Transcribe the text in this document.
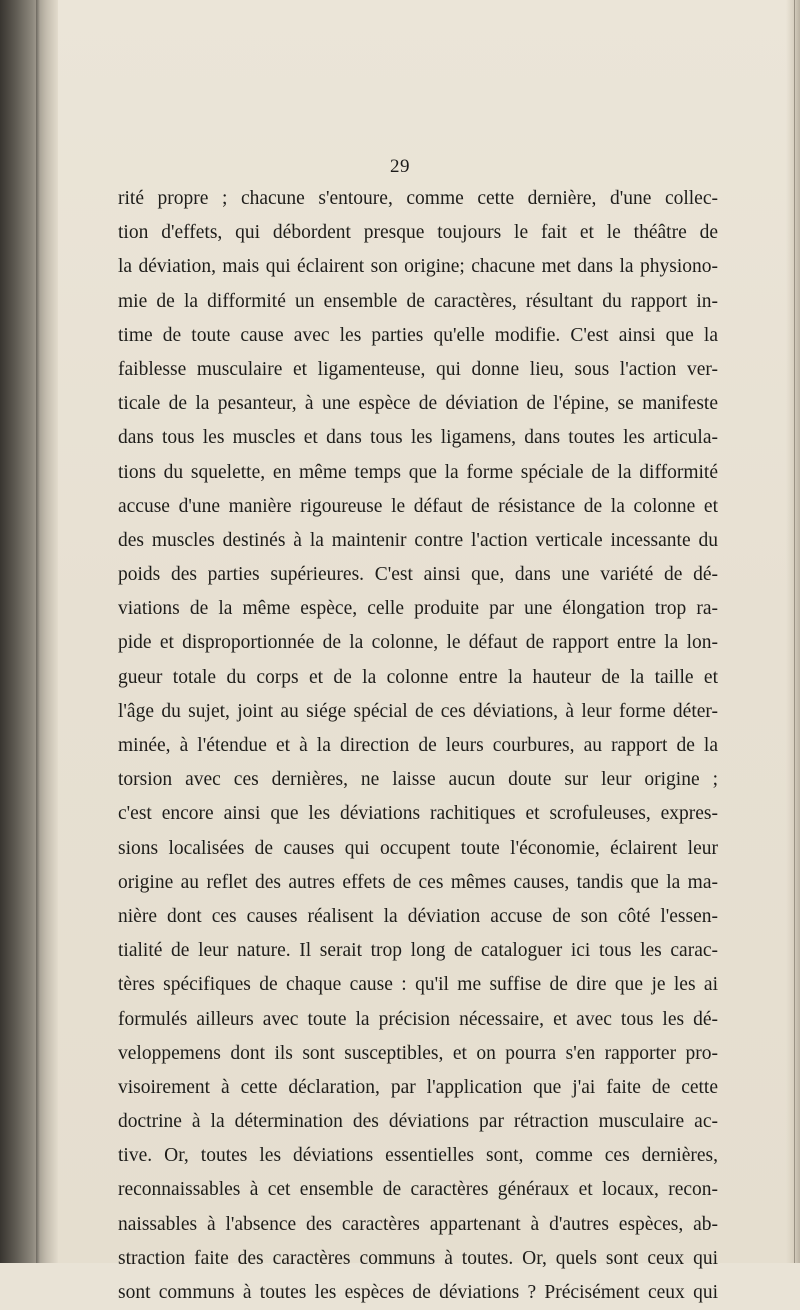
29
rité propre ; chacune s'entoure, comme cette dernière, d'une collec-
tion d'effets, qui débordent presque toujours le fait et le théâtre de
la déviation, mais qui éclairent son origine; chacune met dans la physiono-
mie de la difformité un ensemble de caractères, résultant du rapport in-
time de toute cause avec les parties qu'elle modifie. C'est ainsi que la
faiblesse musculaire et ligamenteuse, qui donne lieu, sous l'action ver-
ticale de la pesanteur, à une espèce de déviation de l'épine, se manifeste
dans tous les muscles et dans tous les ligamens, dans toutes les articula-
tions du squelette, en même temps que la forme spéciale de la difformité
accuse d'une manière rigoureuse le défaut de résistance de la colonne et
des muscles destinés à la maintenir contre l'action verticale incessante du
poids des parties supérieures. C'est ainsi que, dans une variété de dé-
viations de la même espèce, celle produite par une élongation trop ra-
pide et disproportionnée de la colonne, le défaut de rapport entre la lon-
gueur totale du corps et de la colonne entre la hauteur de la taille et
l'âge du sujet, joint au siége spécial de ces déviations, à leur forme déter-
minée, à l'étendue et à la direction de leurs courbures, au rapport de la
torsion avec ces dernières, ne laisse aucun doute sur leur origine ;
c'est encore ainsi que les déviations rachitiques et scrofuleuses, expres-
sions localisées de causes qui occupent toute l'économie, éclairent leur
origine au reflet des autres effets de ces mêmes causes, tandis que la ma-
nière dont ces causes réalisent la déviation accuse de son côté l'essen-
tialité de leur nature. Il serait trop long de cataloguer ici tous les carac-
tères spécifiques de chaque cause : qu'il me suffise de dire que je les ai
formulés ailleurs avec toute la précision nécessaire, et avec tous les dé-
veloppemens dont ils sont susceptibles, et on pourra s'en rapporter pro-
visoirement à cette déclaration, par l'application que j'ai faite de cette
doctrine à la détermination des déviations par rétraction musculaire ac-
tive. Or, toutes les déviations essentielles sont, comme ces dernières,
reconnaissables à cet ensemble de caractères généraux et locaux, recon-
naissables à l'absence des caractères appartenant à d'autres espèces, ab-
straction faite des caractères communs à toutes. Or, quels sont ceux qui
sont communs à toutes les espèces de déviations ? Précisément ceux qui
